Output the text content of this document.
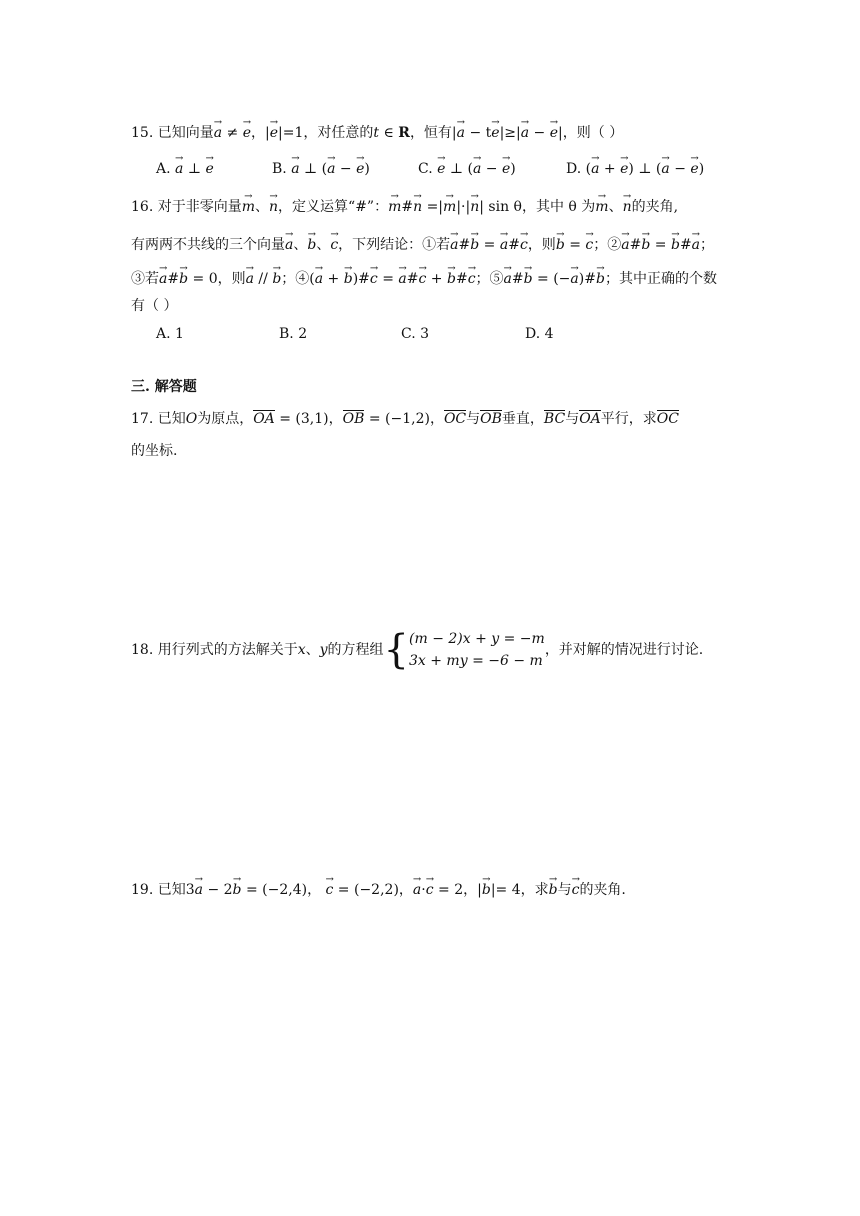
15. 已知向量→ a ≠ → e，|→ e|=1，对任意的t ∈ R，恒有|→ a − t→ e|≥|→ a − → e|，则（ ）
A. → a ⊥ → e	B. → a ⊥ (→ a − → e)	C. → e ⊥ (→ a − → e)	D. (→ a + → e) ⊥ (→ a − → e)
16. 对于非零向量→ m、→ n，定义运算“#”：→ m#→ n =|→ m|·|→ n| sin θ，其中 θ 为→ m、→ n的夹角,
有两两不共线的三个向量→ a、→ b、→ c，下列结论：①若→ a#→ b = → a#→ c，则→ b = → c；②→ a#→ b = → b#→ a；
③若→ a#→ b = 0，则→ a // → b；④(→ a + → b)#→ c = → a#→ c + → b#→ c；⑤→ a#→ b = (−→ a)#→ b；其中正确的个数
有（ ）
A. 1	B. 2	C. 3	D. 4
三. 解答题
17. 已知O为原点，OA = (3,1)，OB = (−1,2)，OC与OB垂直，BC与OA平行，求OC
的坐标.
18. 用行列式的方法解关于x、y的方程组{(m − 2)x + y = −m
3x + my = −6 − m，并对解的情况进行讨论.
19. 已知3→ a − 2→ b = (−2,4)， → c = (−2,2)，→ a·→ c = 2，|→ b|= 4，求→ b与→ c的夹角.
